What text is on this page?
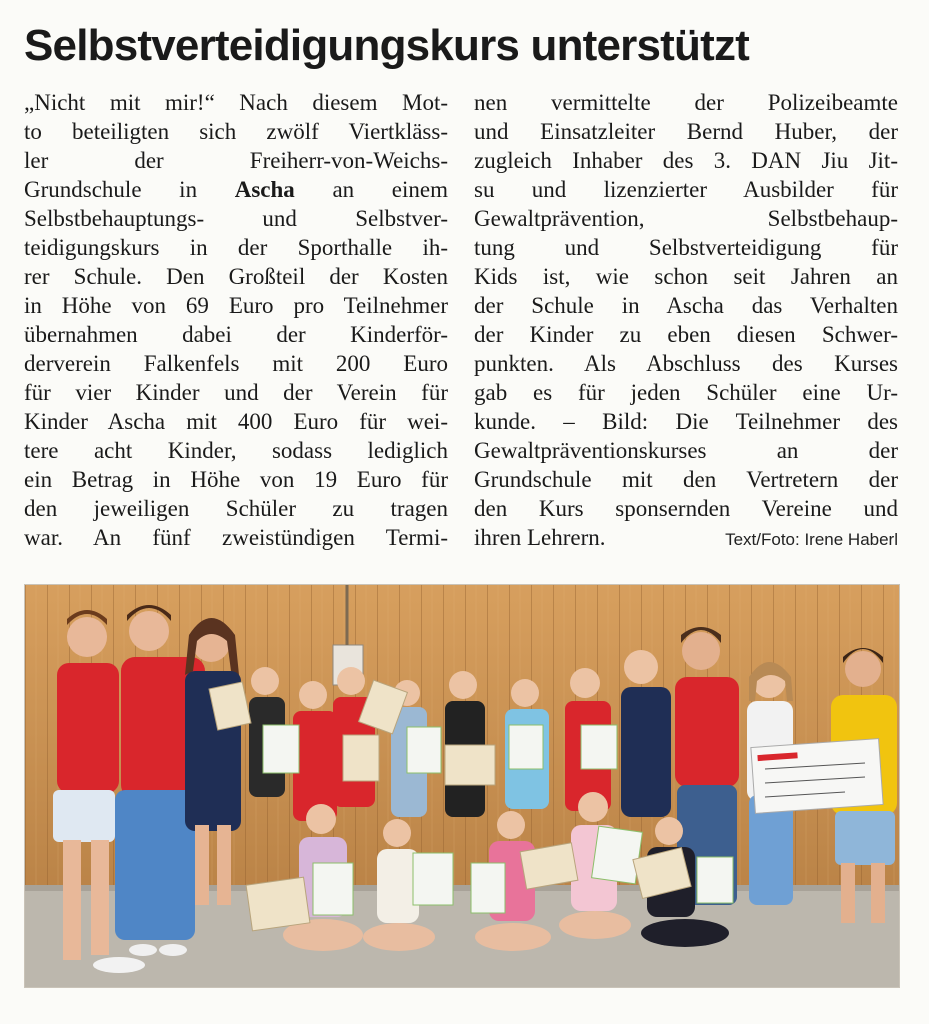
Selbstverteidigungskurs unterstützt
„Nicht mit mir!“ Nach diesem Mot-
to beteiligten sich zwölf Viertkläss-
ler der Freiherr-von-Weichs-
Grundschule in Ascha an einem
Selbstbehauptungs- und Selbstver-
teidigungskurs in der Sporthalle ih-
rer Schule. Den Großteil der Kosten
in Höhe von 69 Euro pro Teilnehmer
übernahmen dabei der Kinderför-
derverein Falkenfels mit 200 Euro
für vier Kinder und der Verein für
Kinder Ascha mit 400 Euro für wei-
tere acht Kinder, sodass lediglich
ein Betrag in Höhe von 19 Euro für
den jeweiligen Schüler zu tragen
war. An fünf zweistündigen Termi-
nen vermittelte der Polizeibeamte
und Einsatzleiter Bernd Huber, der
zugleich Inhaber des 3. DAN Jiu Jit-
su und lizenzierter Ausbilder für
Gewaltprävention, Selbstbehaup-
tung und Selbstverteidigung für
Kids ist, wie schon seit Jahren an
der Schule in Ascha das Verhalten
der Kinder zu eben diesen Schwer-
punkten. Als Abschluss des Kurses
gab es für jeden Schüler eine Ur-
kunde. – Bild: Die Teilnehmer des
Gewaltpräventionskurses an der
Grundschule mit den Vertretern der
den Kurs sponsernden Vereine und
ihren Lehrern.	Text/Foto: Irene Haberl
